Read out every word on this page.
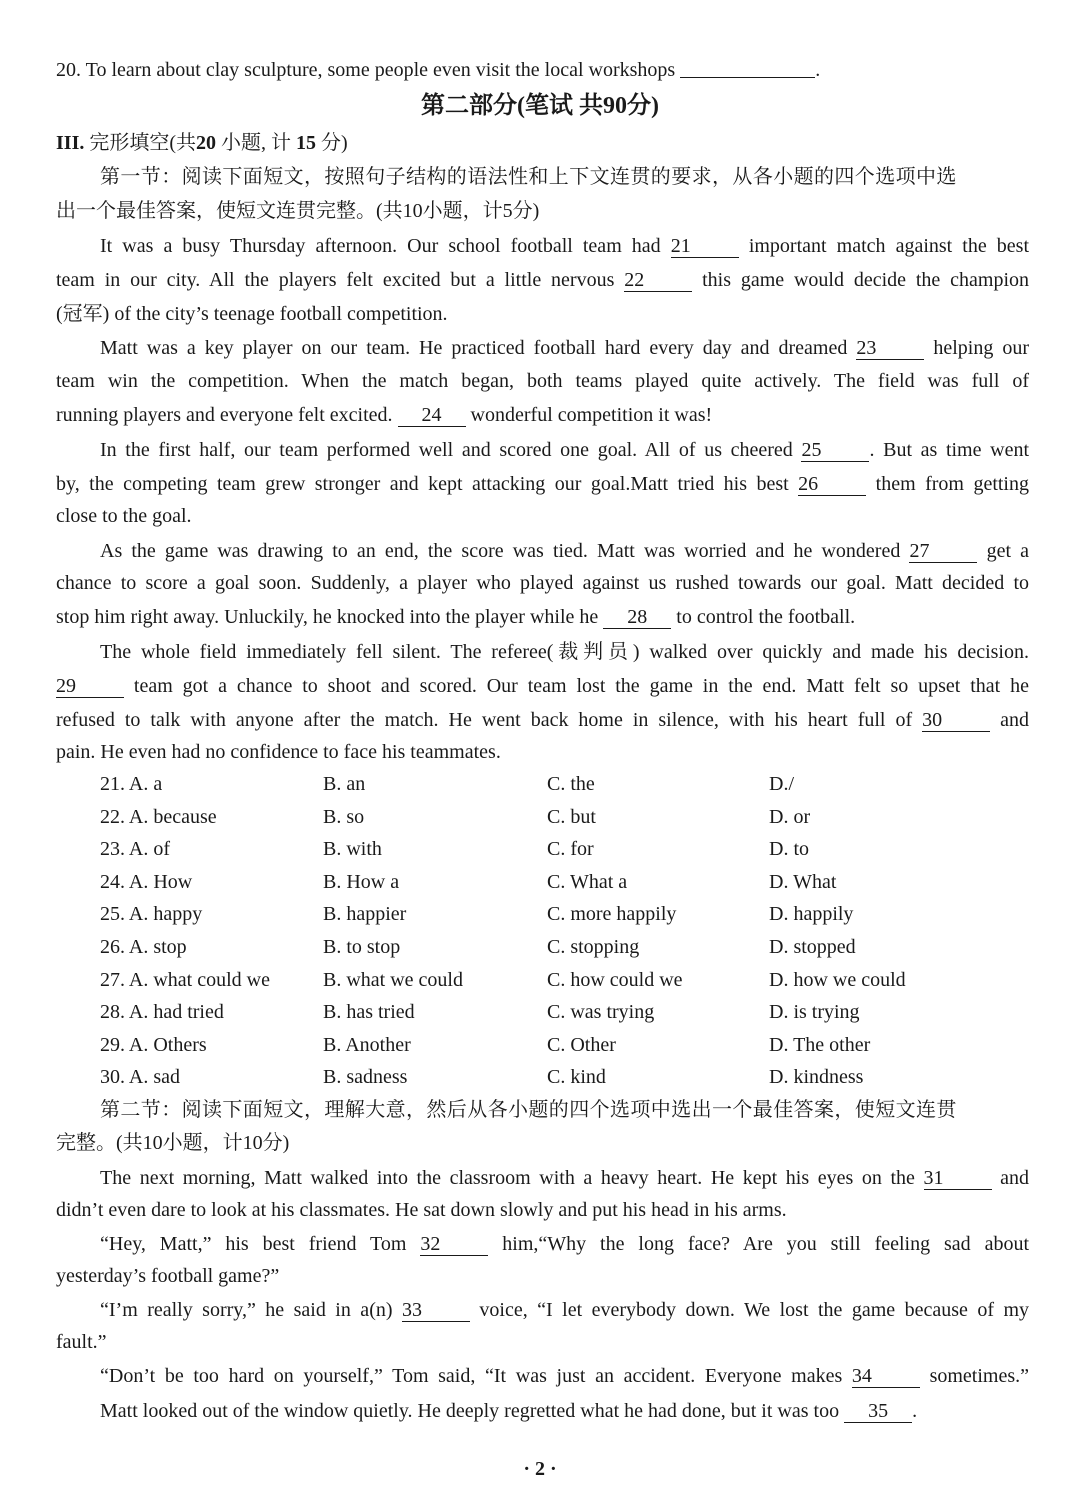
20. To learn about clay sculpture, some people even visit the local workshops	.
第二部分(笔试 共90分)
III. 完形填空(共20 小题, 计 15 分)
第一节：阅读下面短文，按照句子结构的语法性和上下文连贯的要求，从各小题的四个选项中选
出一个最佳答案，使短文连贯完整。(共10小题，计5分)
It was a busy Thursday afternoon. Our school football team had 21	important match against the best
team in our city. All the players felt excited but a little nervous 22	this game would decide the champion
(冠军) of the city’s teenage football competition.
Matt was a key player on our team. He practiced football hard every day and dreamed 23	helping our
team win the competition. When the match began, both teams played quite actively. The field was full of
running players and everyone felt excited. 24 wonderful competition it was!
In the first half, our team performed well and scored one goal. All of us cheered 25 . But as time went
by, the competing team grew stronger and kept attacking our goal.Matt tried his best 26	them from getting
close to the goal.
As the game was drawing to an end, the score was tied. Matt was worried and he wondered 27	get a
chance to score a goal soon. Suddenly, a player who played against us rushed towards our goal. Matt decided to
stop him right away. Unluckily, he knocked into the player while he 28 to control the football.
The whole field immediately fell silent. The referee(裁判员) walked over quickly and made his decision.
29	team got a chance to shoot and scored. Our team lost the game in the end. Matt felt so upset that he
refused to talk with anyone after the match. He went back home in silence, with his heart full of 30	and
pain. He even had no confidence to face his teammates.
21. A. a	B. an	C. the	D./
22. A. because	B. so	C. but	D. or
23. A. of	B. with	C. for	D. to
24. A. How	B. How a	C. What a	D. What
25. A. happy	B. happier	C. more happily	D. happily
26. A. stop	B. to stop	C. stopping	D. stopped
27. A. what could we	B. what we could	C. how could we	D. how we could
28. A. had tried	B. has tried	C. was trying	D. is trying
29. A. Others	B. Another	C. Other	D. The other
30. A. sad	B. sadness	C. kind	D. kindness
第二节：阅读下面短文，理解大意，然后从各小题的四个选项中选出一个最佳答案，使短文连贯
完整。(共10小题，计10分)
The next morning, Matt walked into the classroom with a heavy heart. He kept his eyes on the 31	and
didn’t even dare to look at his classmates. He sat down slowly and put his head in his arms.
“Hey, Matt,” his best friend Tom 32	him,“Why the long face? Are you still feeling sad about
yesterday’s football game?”
“I’m really sorry,” he said in a(n) 33	voice, “I let everybody down. We lost the game because of my
fault.”
“Don’t be too hard on yourself,” Tom said, “It was just an accident. Everyone makes 34	sometimes.”
Matt looked out of the window quietly. He deeply regretted what he had done, but it was too 35 .
· 2 ·
